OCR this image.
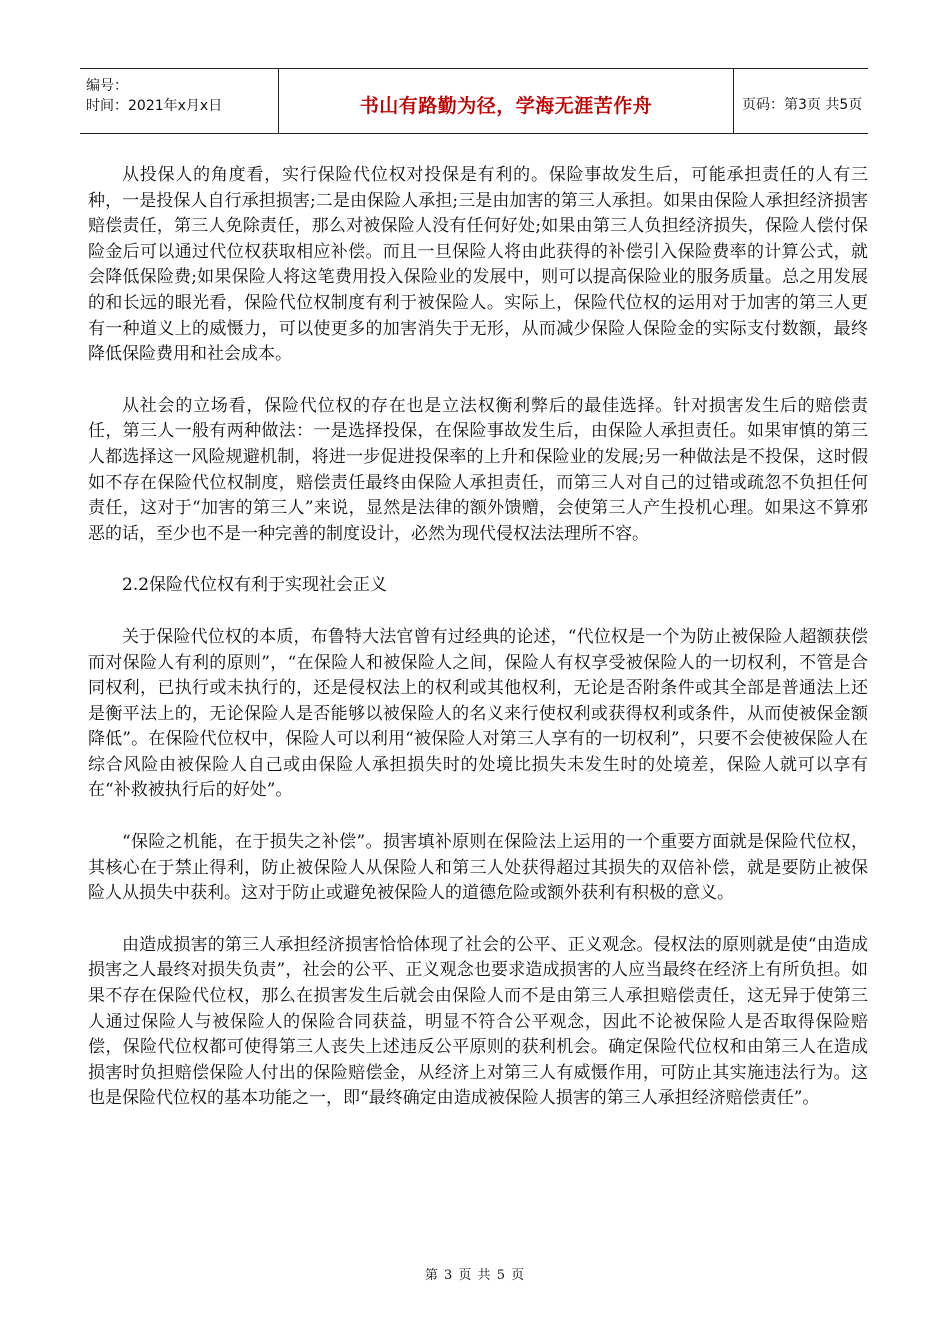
编号：
时间：2021年x月x日	书山有路勤为径，学海无涯苦作舟	页码：第3页 共5页

从投保人的角度看，实行保险代位权对投保是有利的。保险事故发生后，可能承担责任的人有三种，一是投保人自行承担损害;二是由保险人承担;三是由加害的第三人承担。如果由保险人承担经济损害赔偿责任，第三人免除责任，那么对被保险人没有任何好处;如果由第三人负担经济损失，保险人偿付保险金后可以通过代位权获取相应补偿。而且一旦保险人将由此获得的补偿引入保险费率的计算公式，就会降低保险费;如果保险人将这笔费用投入保险业的发展中，则可以提高保险业的服务质量。总之用发展的和长远的眼光看，保险代位权制度有利于被保险人。实际上，保险代位权的运用对于加害的第三人更有一种道义上的威慑力，可以使更多的加害消失于无形，从而减少保险人保险金的实际支付数额，最终降低保险费用和社会成本。

从社会的立场看，保险代位权的存在也是立法权衡利弊后的最佳选择。针对损害发生后的赔偿责任，第三人一般有两种做法：一是选择投保，在保险事故发生后，由保险人承担责任。如果审慎的第三人都选择这一风险规避机制，将进一步促进投保率的上升和保险业的发展;另一种做法是不投保，这时假如不存在保险代位权制度，赔偿责任最终由保险人承担责任，而第三人对自己的过错或疏忽不负担任何责任，这对于“加害的第三人”来说，显然是法律的额外馈赠，会使第三人产生投机心理。如果这不算邪恶的话，至少也不是一种完善的制度设计，必然为现代侵权法法理所不容。

2.2保险代位权有利于实现社会正义

关于保险代位权的本质，布鲁特大法官曾有过经典的论述，“代位权是一个为防止被保险人超额获偿而对保险人有利的原则”，“在保险人和被保险人之间，保险人有权享受被保险人的一切权利，不管是合同权利，已执行或未执行的，还是侵权法上的权利或其他权利，无论是否附条件或其全部是普通法上还是衡平法上的，无论保险人是否能够以被保险人的名义来行使权利或获得权利或条件，从而使被保金额降低”。在保险代位权中，保险人可以利用“被保险人对第三人享有的一切权利”，只要不会使被保险人在综合风险由被保险人自己或由保险人承担损失时的处境比损失未发生时的处境差，保险人就可以享有在“补救被执行后的好处”。

“保险之机能，在于损失之补偿”。损害填补原则在保险法上运用的一个重要方面就是保险代位权，其核心在于禁止得利，防止被保险人从保险人和第三人处获得超过其损失的双倍补偿，就是要防止被保险人从损失中获利。这对于防止或避免被保险人的道德危险或额外获利有积极的意义。

由造成损害的第三人承担经济损害恰恰体现了社会的公平、正义观念。侵权法的原则就是使“由造成损害之人最终对损失负责”，社会的公平、正义观念也要求造成损害的人应当最终在经济上有所负担。如果不存在保险代位权，那么在损害发生后就会由保险人而不是由第三人承担赔偿责任，这无异于使第三人通过保险人与被保险人的保险合同获益，明显不符合公平观念，因此不论被保险人是否取得保险赔偿，保险代位权都可使得第三人丧失上述违反公平原则的获利机会。确定保险代位权和由第三人在造成损害时负担赔偿保险人付出的保险赔偿金，从经济上对第三人有威慑作用，可防止其实施违法行为。这也是保险代位权的基本功能之一，即“最终确定由造成被保险人损害的第三人承担经济赔偿责任”。

第 3 页 共 5 页
